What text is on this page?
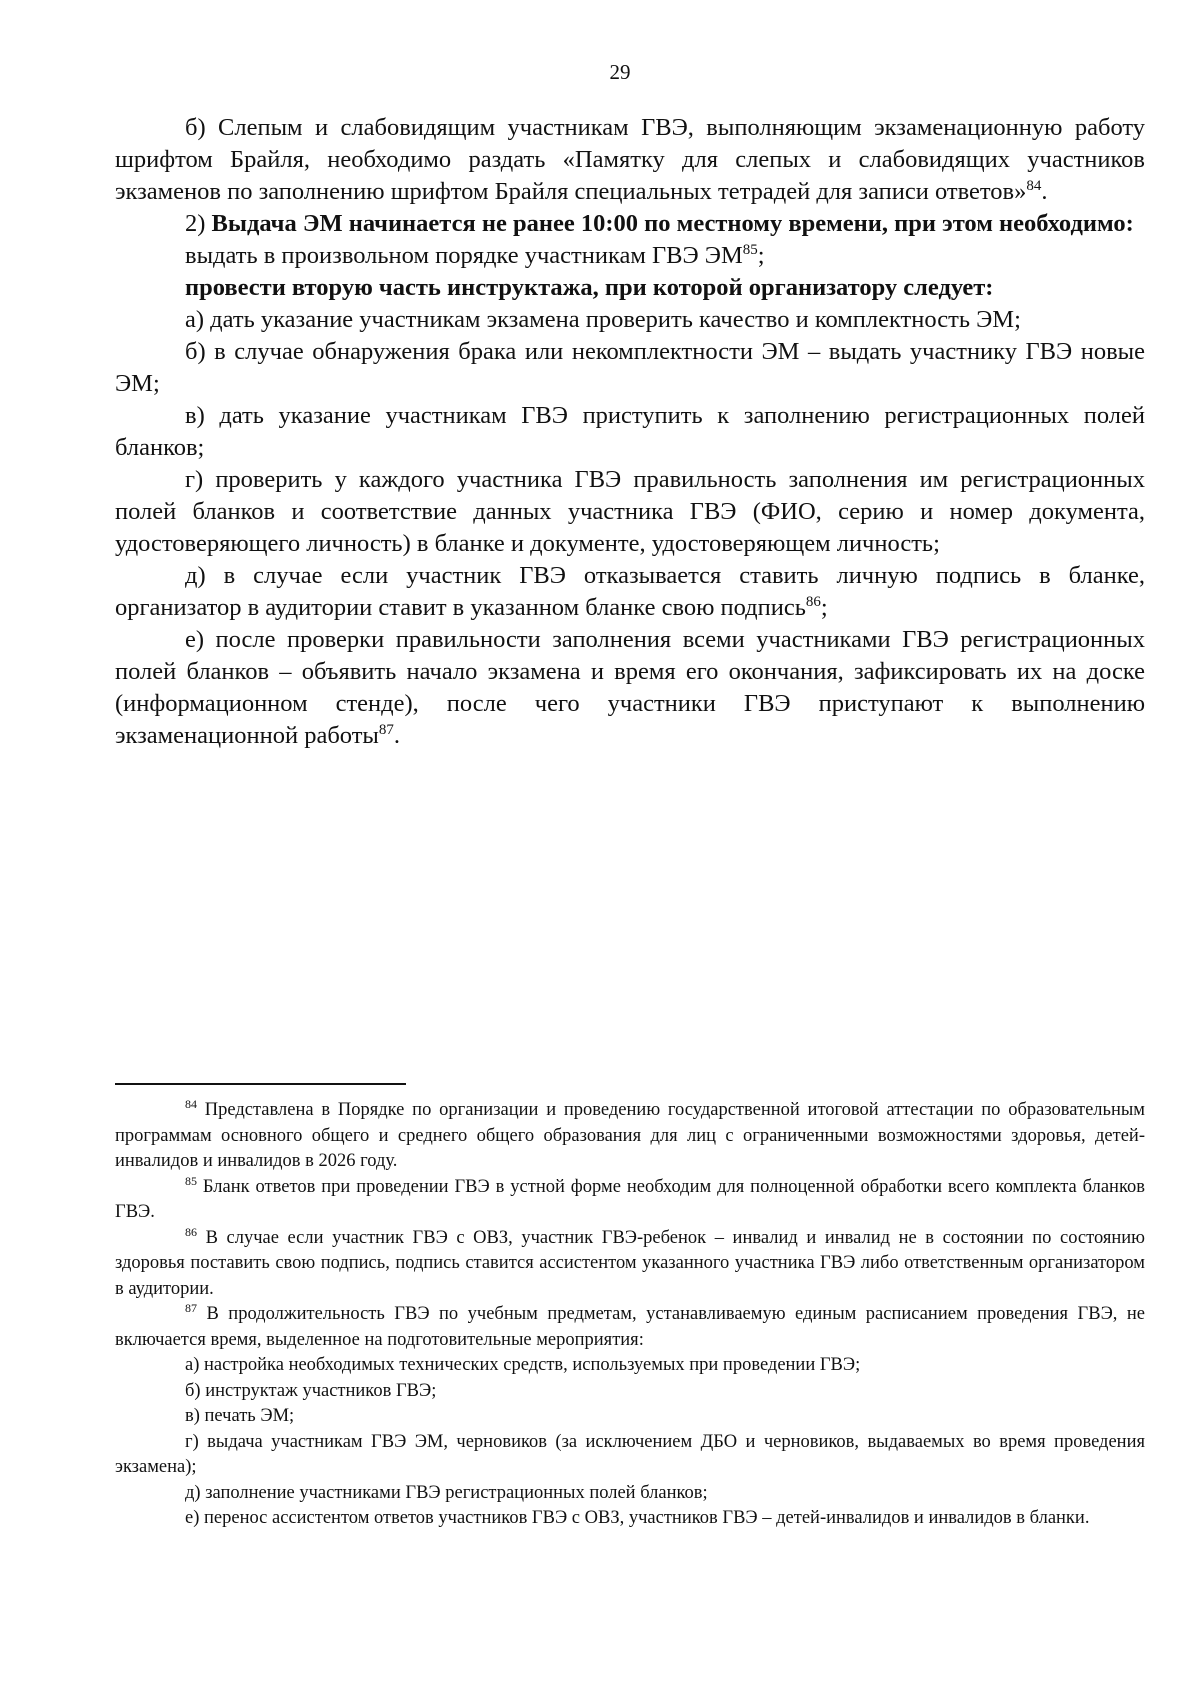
29

б) Слепым и слабовидящим участникам ГВЭ, выполняющим экзаменационную работу шрифтом Брайля, необходимо раздать «Памятку для слепых и слабовидящих участников экзаменов по заполнению шрифтом Брайля специальных тетрадей для записи ответов»$^{84}$.

2) Выдача ЭМ начинается не ранее 10:00 по местному времени, при этом необходимо:

выдать в произвольном порядке участникам ГВЭ ЭМ$^{85}$;

провести вторую часть инструктажа, при которой организатору следует:

а) дать указание участникам экзамена проверить качество и комплектность ЭМ;

б) в случае обнаружения брака или некомплектности ЭМ – выдать участнику ГВЭ новые ЭМ;

в) дать указание участникам ГВЭ приступить к заполнению регистрационных полей бланков;

г) проверить у каждого участника ГВЭ правильность заполнения им регистрационных полей бланков и соответствие данных участника ГВЭ (ФИО, серию и номер документа, удостоверяющего личность) в бланке и документе, удостоверяющем личность;

д) в случае если участник ГВЭ отказывается ставить личную подпись в бланке, организатор в аудитории ставит в указанном бланке свою подпись$^{86}$;

е) после проверки правильности заполнения всеми участниками ГВЭ регистрационных полей бланков – объявить начало экзамена и время его окончания, зафиксировать их на доске (информационном стенде), после чего участники ГВЭ приступают к выполнению экзаменационной работы$^{87}$.

$^{84}$ Представлена в Порядке по организации и проведению государственной итоговой аттестации по образовательным программам основного общего и среднего общего образования для лиц с ограниченными возможностями здоровья, детей-инвалидов и инвалидов в 2026 году.

$^{85}$ Бланк ответов при проведении ГВЭ в устной форме необходим для полноценной обработки всего комплекта бланков ГВЭ.

$^{86}$ В случае если участник ГВЭ с ОВЗ, участник ГВЭ-ребенок – инвалид и инвалид не в состоянии по состоянию здоровья поставить свою подпись, подпись ставится ассистентом указанного участника ГВЭ либо ответственным организатором в аудитории.

$^{87}$ В продолжительность ГВЭ по учебным предметам, устанавливаемую единым расписанием проведения ГВЭ, не включается время, выделенное на подготовительные мероприятия:

а) настройка необходимых технических средств, используемых при проведении ГВЭ;

б) инструктаж участников ГВЭ;

в) печать ЭМ;

г) выдача участникам ГВЭ ЭМ, черновиков (за исключением ДБО и черновиков, выдаваемых во время проведения экзамена);

д) заполнение участниками ГВЭ регистрационных полей бланков;

е) перенос ассистентом ответов участников ГВЭ с ОВЗ, участников ГВЭ – детей-инвалидов и инвалидов в бланки.
